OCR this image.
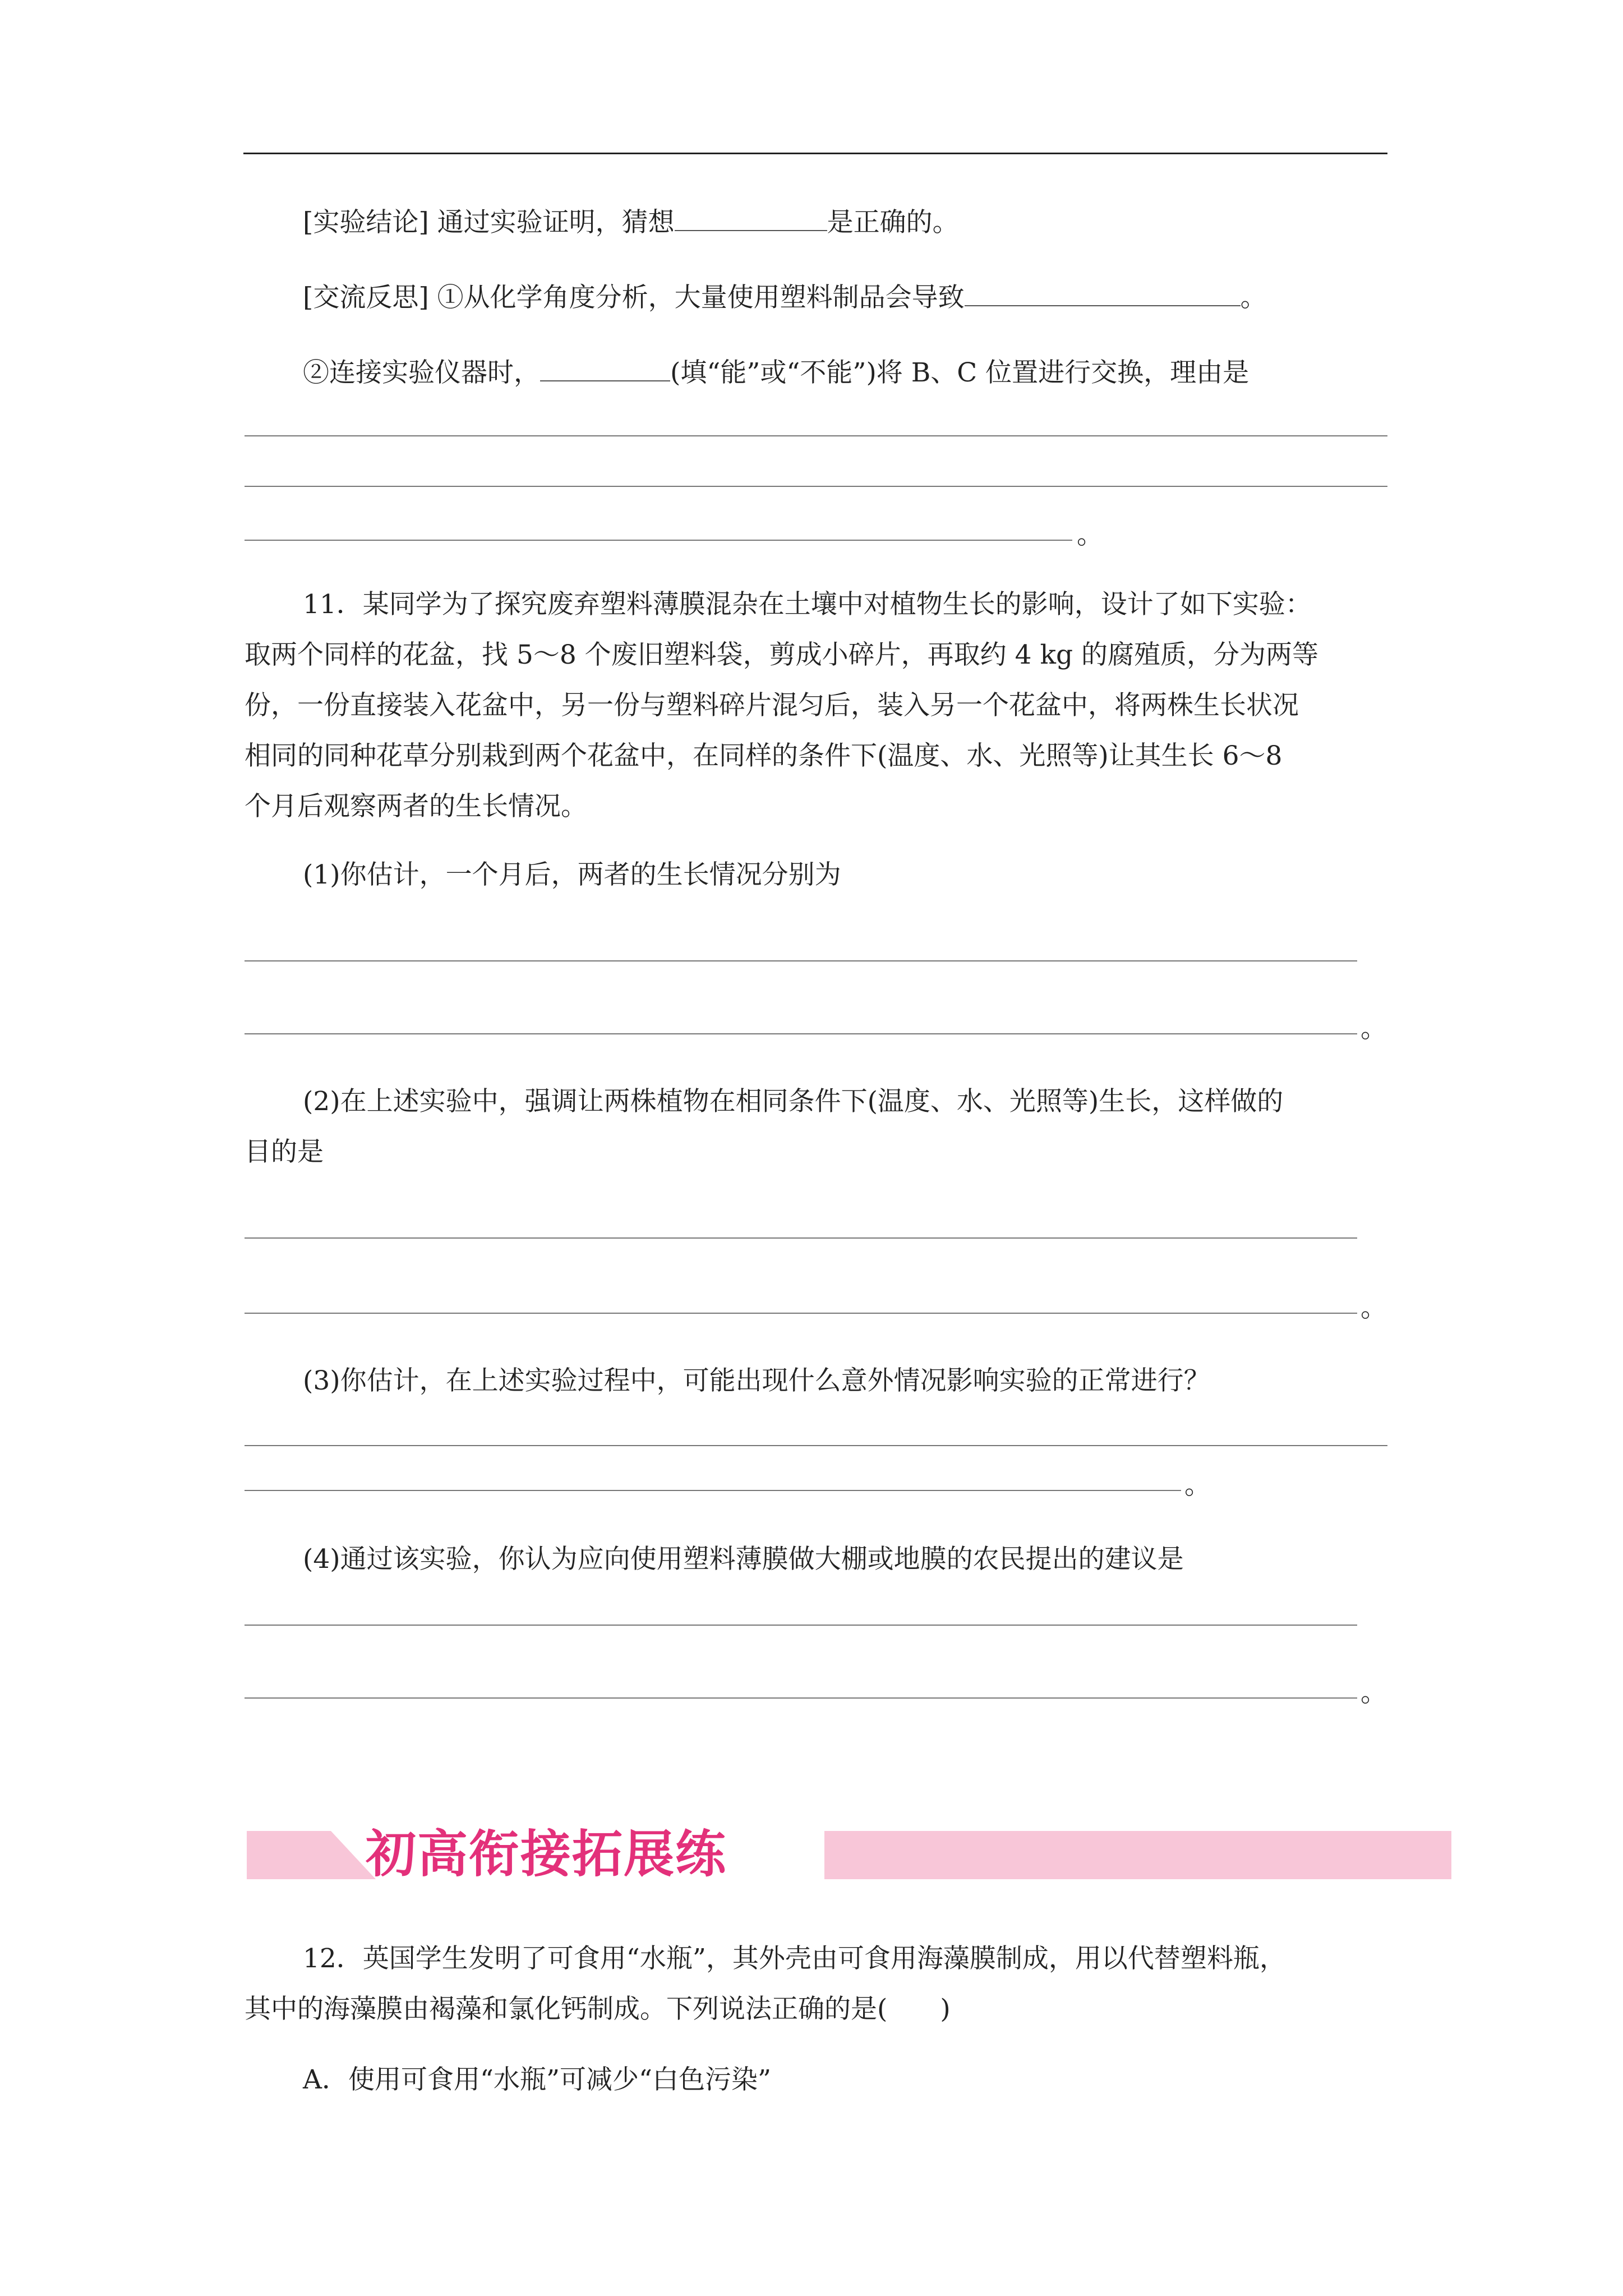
[实验结论] 通过实验证明，猜想	是正确的。
[交流反思] ①从化学角度分析，大量使用塑料制品会导致	。
②连接实验仪器时，	(填“能”或“不能”)将 B、C 位置进行交换，理由是
。
11．某同学为了探究废弃塑料薄膜混杂在土壤中对植物生长的影响，设计了如下实验：
取两个同样的花盆，找 5～8 个废旧塑料袋，剪成小碎片，再取约 4 kg 的腐殖质，分为两等
份，一份直接装入花盆中，另一份与塑料碎片混匀后，装入另一个花盆中，将两株生长状况
相同的同种花草分别栽到两个花盆中，在同样的条件下(温度、水、光照等)让其生长 6～8
个月后观察两者的生长情况。
(1)你估计，一个月后，两者的生长情况分别为
。
(2)在上述实验中，强调让两株植物在相同条件下(温度、水、光照等)生长，这样做的
目的是
。
(3)你估计，在上述实验过程中，可能出现什么意外情况影响实验的正常进行？
。
(4)通过该实验，你认为应向使用塑料薄膜做大棚或地膜的农民提出的建议是
。
初高衔接拓展练
12．英国学生发明了可食用“水瓶”，其外壳由可食用海藻膜制成，用以代替塑料瓶，
其中的海藻膜由褐藻和氯化钙制成。下列说法正确的是(　　)
A．使用可食用“水瓶”可减少“白色污染”
